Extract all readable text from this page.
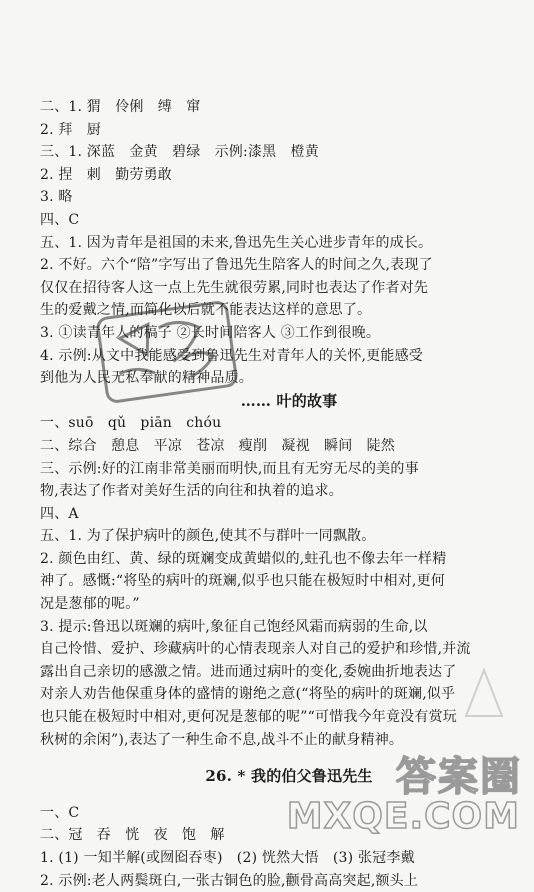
二、1. 猬　伶俐　缚　窜
2. 拜　厨
三、1. 深蓝　金黄　碧绿　示例:漆黑　橙黄
2. 捏　刺　勤劳勇敢
3. 略
四、C
五、1. 因为青年是祖国的未来,鲁迅先生关心进步青年的成长。
2. 不好。六个“陪”字写出了鲁迅先生陪客人的时间之久,表现了
仅仅在招待客人这一点上先生就很劳累,同时也表达了作者对先
生的爱戴之情,而简化以后就不能表达这样的意思了。
3. ①读青年人的稿子 ②长时间陪客人 ③工作到很晚。
4. 示例:从文中我能感受到鲁迅先生对青年人的关怀,更能感受
到他为人民无私奉献的精神品质。
…… 叶的故事
一、suō　qǔ　piān　chóu
二、综合　憩息　平凉　苍凉　瘦削　凝视　瞬间　陡然
三、示例:好的江南非常美丽而明快,而且有无穷无尽的美的事
物,表达了作者对美好生活的向往和执着的追求。
四、A
五、1. 为了保护病叶的颜色,使其不与群叶一同飘散。
2. 颜色由红、黄、绿的斑斓变成黄蜡似的,蛀孔也不像去年一样精
神了。感慨:“将坠的病叶的斑斓,似乎也只能在极短时中相对,更何
况是葱郁的呢。”
3. 提示:鲁迅以斑斓的病叶,象征自己饱经风霜而病弱的生命,以
自己怜惜、爱护、珍藏病叶的心情表现亲人对自己的爱护和珍惜,并流
露出自己亲切的感激之情。进而通过病叶的变化,委婉曲折地表达了
对亲人劝告他保重身体的盛情的谢绝之意(“将坠的病叶的斑斓,似乎
也只能在极短时中相对,更何况是葱郁的呢”“可惜我今年竟没有赏玩
秋树的余闲”),表达了一种生命不息,战斗不止的献身精神。
26. * 我的伯父鲁迅先生
一、C
二、冠　吞　恍　夜　饱　解
1. (1) 一知半解(或囫囵吞枣)　(2) 恍然大悟　(3) 张冠李戴
2. 示例:老人两鬓斑白,一张古铜色的脸,颧骨高高突起,额头上
答案圈
MXQE.COM
